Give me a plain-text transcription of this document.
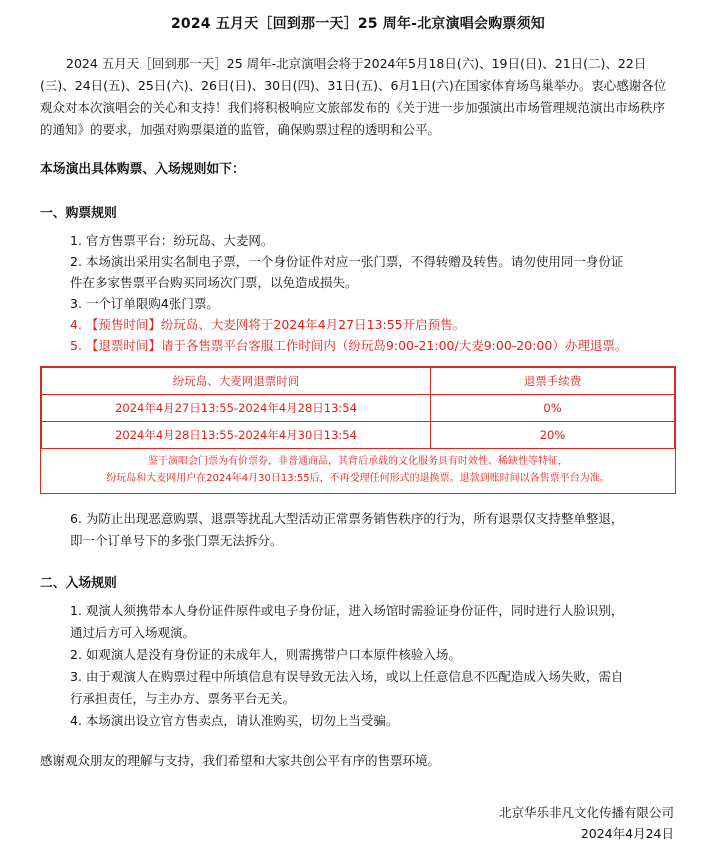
2024 五月天［回到那一天］25 周年-北京演唱会购票须知

2024 五月天［回到那一天］25 周年-北京演唱会将于2024年5月18日(六)、19日(日)、21日(二)、22日(三)、24日(五)、25日(六)、26日(日)、30日(四)、31日(五)、6月1日(六)在国家体育场鸟巢举办。衷心感谢各位观众对本次演唱会的关心和支持！我们将积极响应文旅部发布的《关于进一步加强演出市场管理规范演出市场秩序的通知》的要求，加强对购票渠道的监管，确保购票过程的透明和公平。

本场演出具体购票、入场规则如下：

一、购票规则

1. 官方售票平台：纷玩岛、大麦网。
2. 本场演出采用实名制电子票，一个身份证件对应一张门票，不得转赠及转售。请勿使用同一身份证
件在多家售票平台购买同场次门票，以免造成损失。
3. 一个订单限购4张门票。
4. 【预售时间】纷玩岛、大麦网将于2024年4月27日13:55开启预售。
5. 【退票时间】请于各售票平台客服工作时间内（纷玩岛9:00-21:00/大麦9:00-20:00）办理退票。
纷玩岛、大麦网退票时间	退票手续费
2024年4月27日13:55-2024年4月28日13:54	0%
2024年4月28日13:55-2024年4月30日13:54	20%
鉴于演唱会门票为有价票券，非普通商品，其背后承载的文化服务具有时效性、稀缺性等特征，
纷玩岛和大麦网用户在2024年4月30日13:55后，不再受理任何形式的退换票。退款到账时间以各售票平台为准。
6. 为防止出现恶意购票、退票等扰乱大型活动正常票务销售秩序的行为，所有退票仅支持整单整退，
即一个订单号下的多张门票无法拆分。

二、入场规则

1. 观演人须携带本人身份证件原件或电子身份证，进入场馆时需验证身份证件，同时进行人脸识别，
通过后方可入场观演。
2. 如观演人是没有身份证的未成年人，则需携带户口本原件核验入场。
3. 由于观演人在购票过程中所填信息有误导致无法入场，或以上任意信息不匹配造成入场失败，需自
行承担责任，与主办方、票务平台无关。
4. 本场演出设立官方售卖点，请认准购买，切勿上当受骗。

感谢观众朋友的理解与支持，我们希望和大家共创公平有序的售票环境。

北京华乐非凡文化传播有限公司
2024年4月24日
